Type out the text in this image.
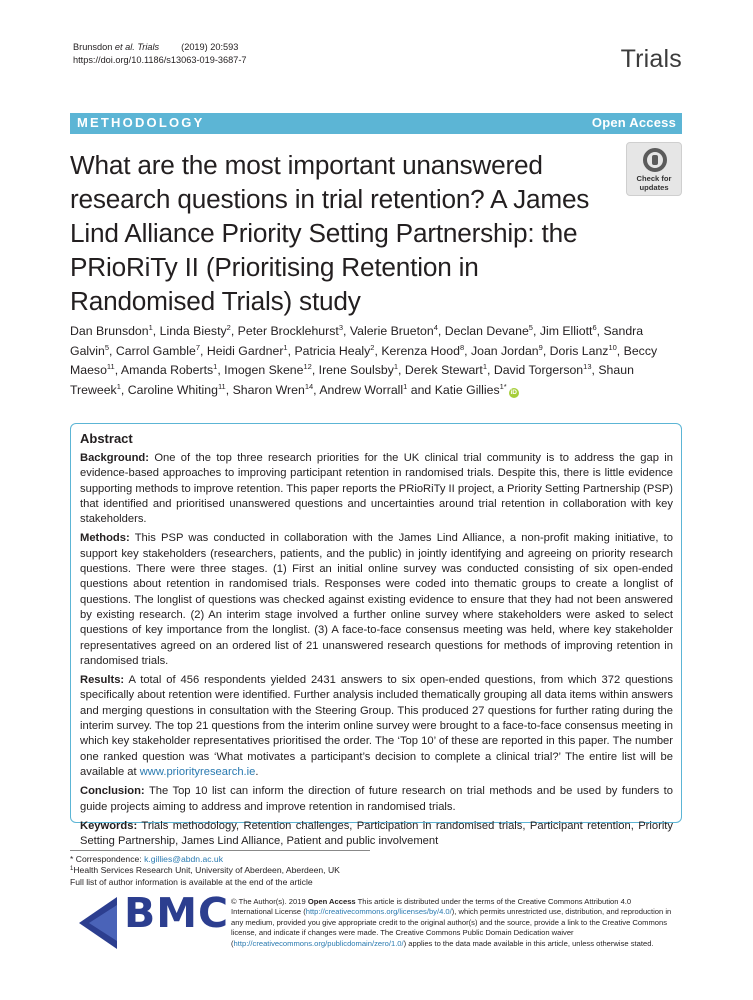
Brunsdon et al. Trials (2019) 20:593
https://doi.org/10.1186/s13063-019-3687-7	Trials
METHODOLOGY	Open Access
What are the most important unanswered research questions in trial retention? A James Lind Alliance Priority Setting Partnership: the PRioRiTy II (Prioritising Retention in Randomised Trials) study
Check for
updates
Dan Brunsdon$^1$, Linda Biesty$^2$, Peter Brocklehurst$^3$, Valerie Brueton$^4$, Declan Devane$^5$, Jim Elliott$^6$, Sandra Galvin$^5$, Carrol Gamble$^7$, Heidi Gardner$^1$, Patricia Healy$^2$, Kerenza Hood$^8$, Joan Jordan$^9$, Doris Lanz$^{10}$, Beccy Maeso$^{11}$, Amanda Roberts$^1$, Imogen Skene$^{12}$, Irene Soulsby$^1$, Derek Stewart$^1$, David Torgerson$^{13}$, Shaun Treweek$^1$, Caroline Whiting$^{11}$, Sharon Wren$^{14}$, Andrew Worrall$^1$ and Katie Gillies$^{1*}$iD
Abstract

Background: One of the top three research priorities for the UK clinical trial community is to address the gap in evidence-based approaches to improving participant retention in randomised trials. Despite this, there is little evidence supporting methods to improve retention. This paper reports the PRioRiTy II project, a Priority Setting Partnership (PSP) that identified and prioritised unanswered questions and uncertainties around trial retention in collaboration with key stakeholders.

Methods: This PSP was conducted in collaboration with the James Lind Alliance, a non-profit making initiative, to support key stakeholders (researchers, patients, and the public) in jointly identifying and agreeing on priority research questions. There were three stages. (1) First an initial online survey was conducted consisting of six open-ended questions about retention in randomised trials. Responses were coded into thematic groups to create a longlist of questions. The longlist of questions was checked against existing evidence to ensure that they had not been answered by existing research. (2) An interim stage involved a further online survey where stakeholders were asked to select questions of key importance from the longlist. (3) A face-to-face consensus meeting was held, where key stakeholder representatives agreed on an ordered list of 21 unanswered research questions for methods of improving retention in randomised trials.

Results: A total of 456 respondents yielded 2431 answers to six open-ended questions, from which 372 questions specifically about retention were identified. Further analysis included thematically grouping all data items within answers and merging questions in consultation with the Steering Group. This produced 27 questions for further rating during the interim survey. The top 21 questions from the interim online survey were brought to a face-to-face consensus meeting in which key stakeholder representatives prioritised the order. The ‘Top 10’ of these are reported in this paper. The number one ranked question was ‘What motivates a participant’s decision to complete a clinical trial?’ The entire list will be available at www.priorityresearch.ie.

Conclusion: The Top 10 list can inform the direction of future research on trial methods and be used by funders to guide projects aiming to address and improve retention in randomised trials.

Keywords: Trials methodology, Retention challenges, Participation in randomised trials, Participant retention, Priority Setting Partnership, James Lind Alliance, Patient and public involvement

* Correspondence: k.gillies@abdn.ac.uk
$^1$Health Services Research Unit, University of Aberdeen, Aberdeen, UK
Full list of author information is available at the end of the article
BMC © The Author(s). 2019 Open Access This article is distributed under the terms of the Creative Commons Attribution 4.0 International License (http://creativecommons.org/licenses/by/4.0/), which permits unrestricted use, distribution, and reproduction in any medium, provided you give appropriate credit to the original author(s) and the source, provide a link to the Creative Commons license, and indicate if changes were made. The Creative Commons Public Domain Dedication waiver (http://creativecommons.org/publicdomain/zero/1.0/) applies to the data made available in this article, unless otherwise stated.
